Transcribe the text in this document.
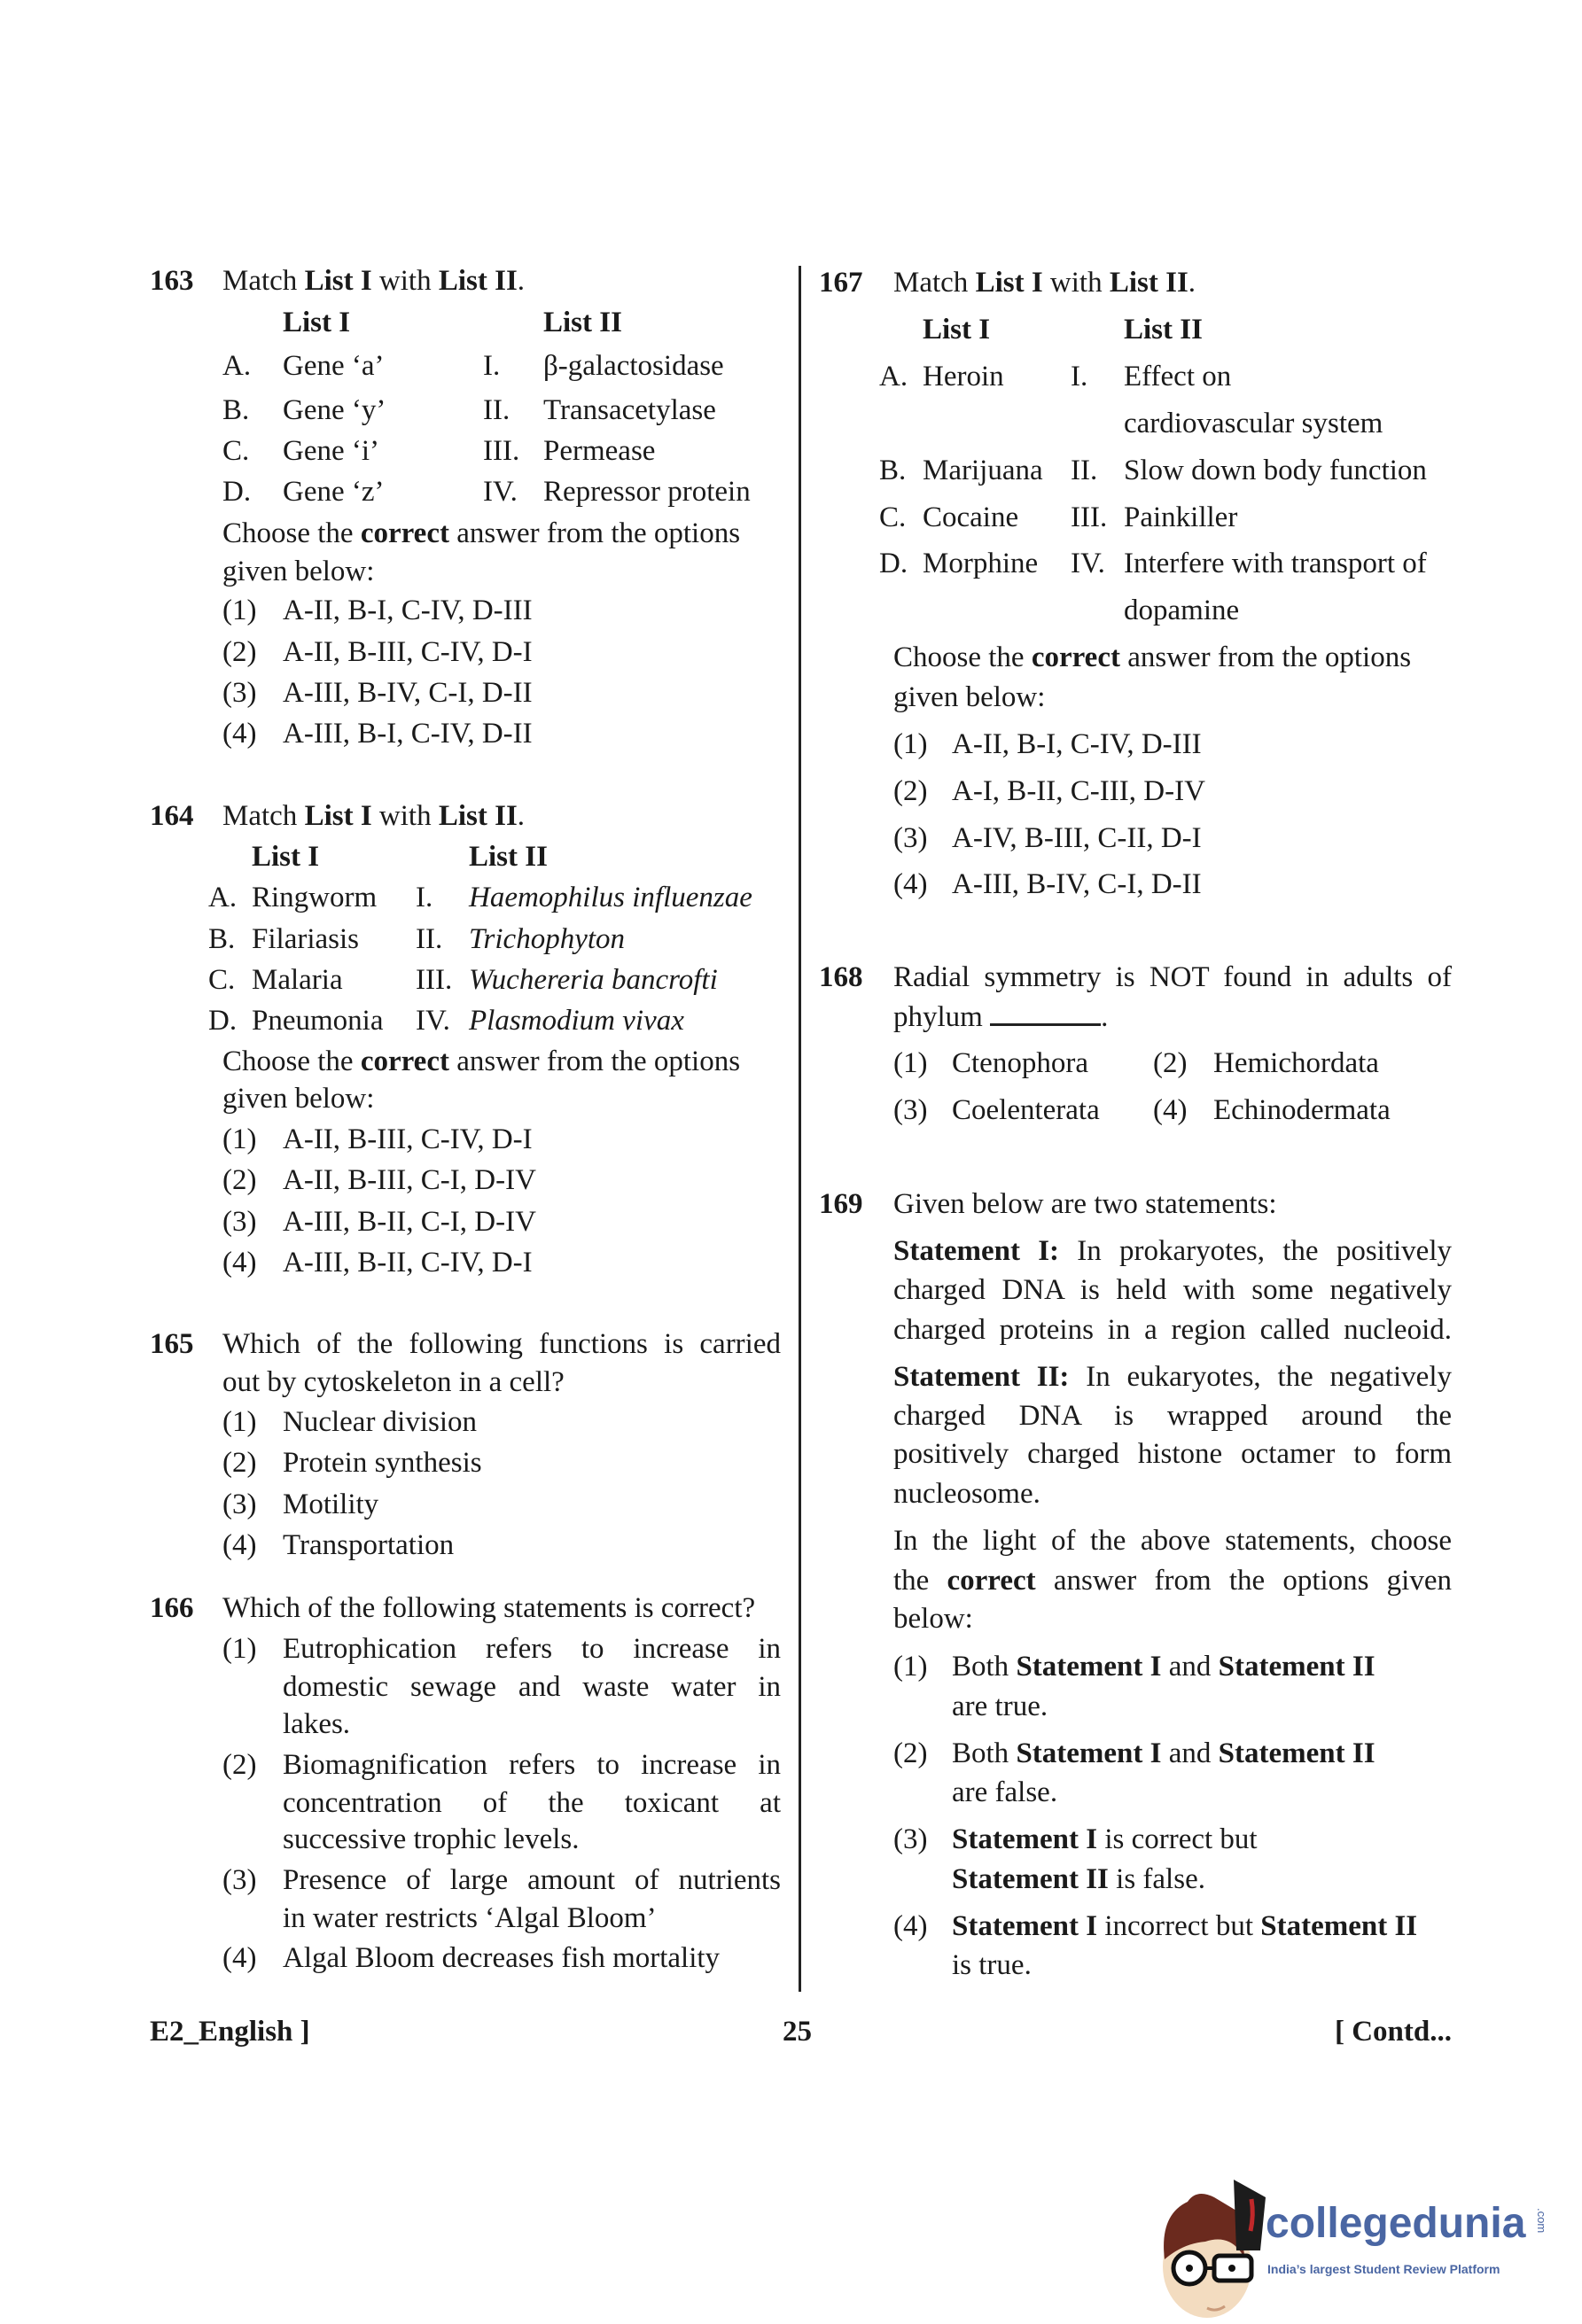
163 Match List I with List II.
List I	List II
A. Gene ‘a’	I. β-galactosidase
B. Gene ‘y’	II. Transacetylase
C. Gene ‘i’	III. Permease
D. Gene ‘z’	IV. Repressor protein
Choose the correct answer from the options
given below:
(1) A-II, B-I, C-IV, D-III
(2) A-II, B-III, C-IV, D-I
(3) A-III, B-IV, C-I, D-II
(4) A-III, B-I, C-IV, D-II
164 Match List I with List II.
List I	List II
A. Ringworm I. Haemophilus influenzae
B. Filariasis II. Trichophyton
C. Malaria III. Wuchereria bancrofti
D. Pneumonia IV. Plasmodium vivax
Choose the correct answer from the options
given below:
(1) A-II, B-III, C-IV, D-I
(2) A-II, B-III, C-I, D-IV
(3) A-III, B-II, C-I, D-IV
(4) A-III, B-II, C-IV, D-I
165 Which of the following functions is carried
out by cytoskeleton in a cell?
(1) Nuclear division
(2) Protein synthesis
(3) Motility
(4) Transportation
166 Which of the following statements is correct?
(1) Eutrophication refers to increase in
domestic sewage and waste water in
lakes.
(2) Biomagnification refers to increase in
concentration of the toxicant at
successive trophic levels.
(3) Presence of large amount of nutrients
in water restricts ‘Algal Bloom’
(4) Algal Bloom decreases fish mortality
167 Match List I with List II.
List I	List II
A. Heroin I. Effect on
cardiovascular system
B. Marijuana II. Slow down body function
C. Cocaine III. Painkiller
D. Morphine IV. Interfere with transport of
dopamine
Choose the correct answer from the options
given below:
(1) A-II, B-I, C-IV, D-III
(2) A-I, B-II, C-III, D-IV
(3) A-IV, B-III, C-II, D-I
(4) A-III, B-IV, C-I, D-II
168 Radial symmetry is NOT found in adults of
phylum	.
(1) Ctenophora (2) Hemichordata
(3) Coelenterata (4) Echinodermata
169 Given below are two statements:
Statement I: In prokaryotes, the positively
charged DNA is held with some negatively
charged proteins in a region called nucleoid.
Statement II: In eukaryotes, the negatively
charged DNA is wrapped around the
positively charged histone octamer to form
nucleosome.
In the light of the above statements, choose
the correct answer from the options given
below:
(1) Both Statement I and Statement II
are true.
(2) Both Statement I and Statement II
are false.
(3) Statement I is correct but
Statement II is false.
(4) Statement I incorrect but Statement II
is true.
E2_English ]	25	[ Contd...
collegedunia .com
India’s largest Student Review Platform
